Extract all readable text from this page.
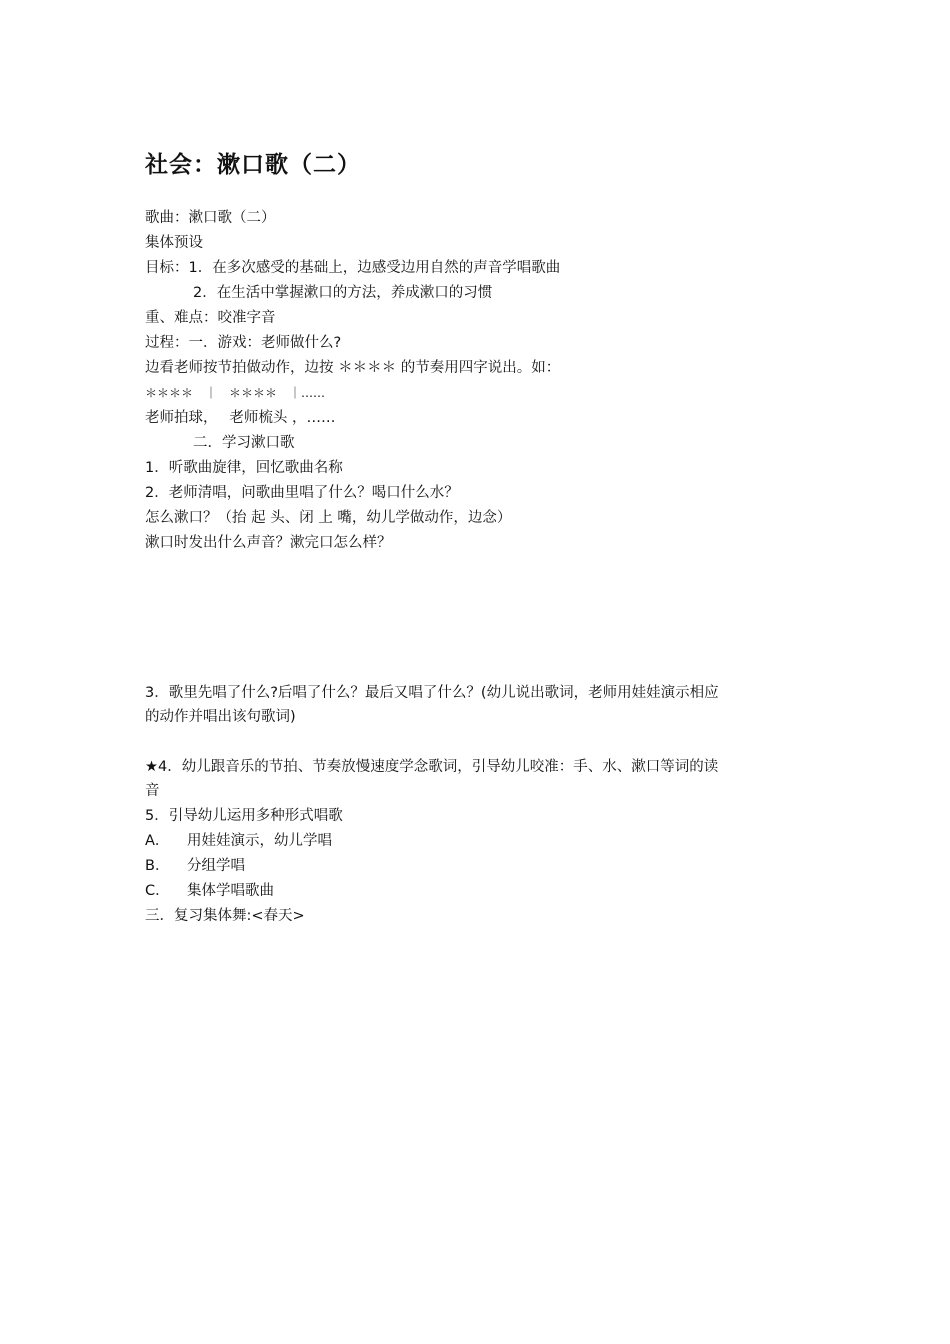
社会：漱口歌（二）
歌曲：漱口歌（二）
集体预设
目标：1．在多次感受的基础上，边感受边用自然的声音学唱歌曲
2．在生活中掌握漱口的方法，养成漱口的习惯
重、难点：咬准字音
过程：一．游戏：老师做什么?
边看老师按节拍做动作，边按 ＊＊＊＊ 的节奏用四字说出。如：
＊＊＊＊　｜　＊＊＊＊　｜……
老师拍球，　 老师梳头 ，……
二．学习漱口歌
1．听歌曲旋律，回忆歌曲名称
2．老师清唱，问歌曲里唱了什么？喝口什么水？
怎么漱口？（抬 起 头、闭 上 嘴，幼儿学做动作，边念）
漱口时发出什么声音？漱完口怎么样？
3．歌里先唱了什么?后唱了什么？最后又唱了什么？(幼儿说出歌词，老师用娃娃演示相应
的动作并唱出该句歌词)
★4．幼儿跟音乐的节拍、节奏放慢速度学念歌词，引导幼儿咬准：手、水、漱口等词的读
音
5．引导幼儿运用多种形式唱歌
A． 用娃娃演示，幼儿学唱
B． 分组学唱
C． 集体学唱歌曲
三．复习集体舞:<春天>
